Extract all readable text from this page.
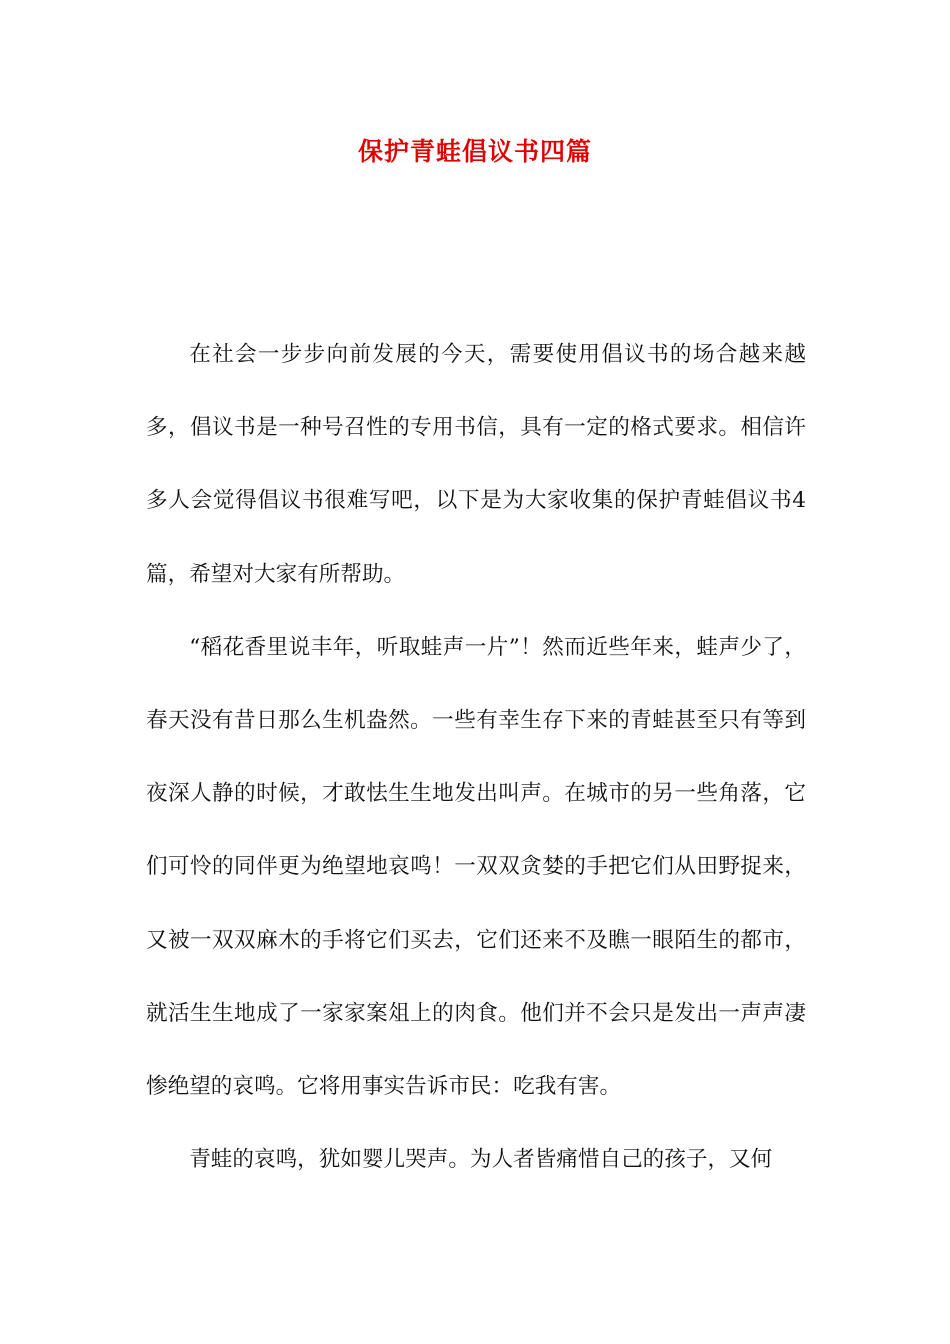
保护青蛙倡议书四篇

在社会一步步向前发展的今天，需要使用倡议书的场合越来越多，倡议书是一种号召性的专用书信，具有一定的格式要求。相信许多人会觉得倡议书很难写吧，以下是为大家收集的保护青蛙倡议书4篇，希望对大家有所帮助。

“稻花香里说丰年，听取蛙声一片”！然而近些年来，蛙声少了，春天没有昔日那么生机盎然。一些有幸生存下来的青蛙甚至只有等到夜深人静的时候，才敢怯生生地发出叫声。在城市的另一些角落，它们可怜的同伴更为绝望地哀鸣！一双双贪婪的手把它们从田野捉来，又被一双双麻木的手将它们买去，它们还来不及瞧一眼陌生的都市，就活生生地成了一家家案俎上的肉食。他们并不会只是发出一声声凄惨绝望的哀鸣。它将用事实告诉市民：吃我有害。

青蛙的哀鸣，犹如婴儿哭声。为人者皆痛惜自己的孩子，又何
